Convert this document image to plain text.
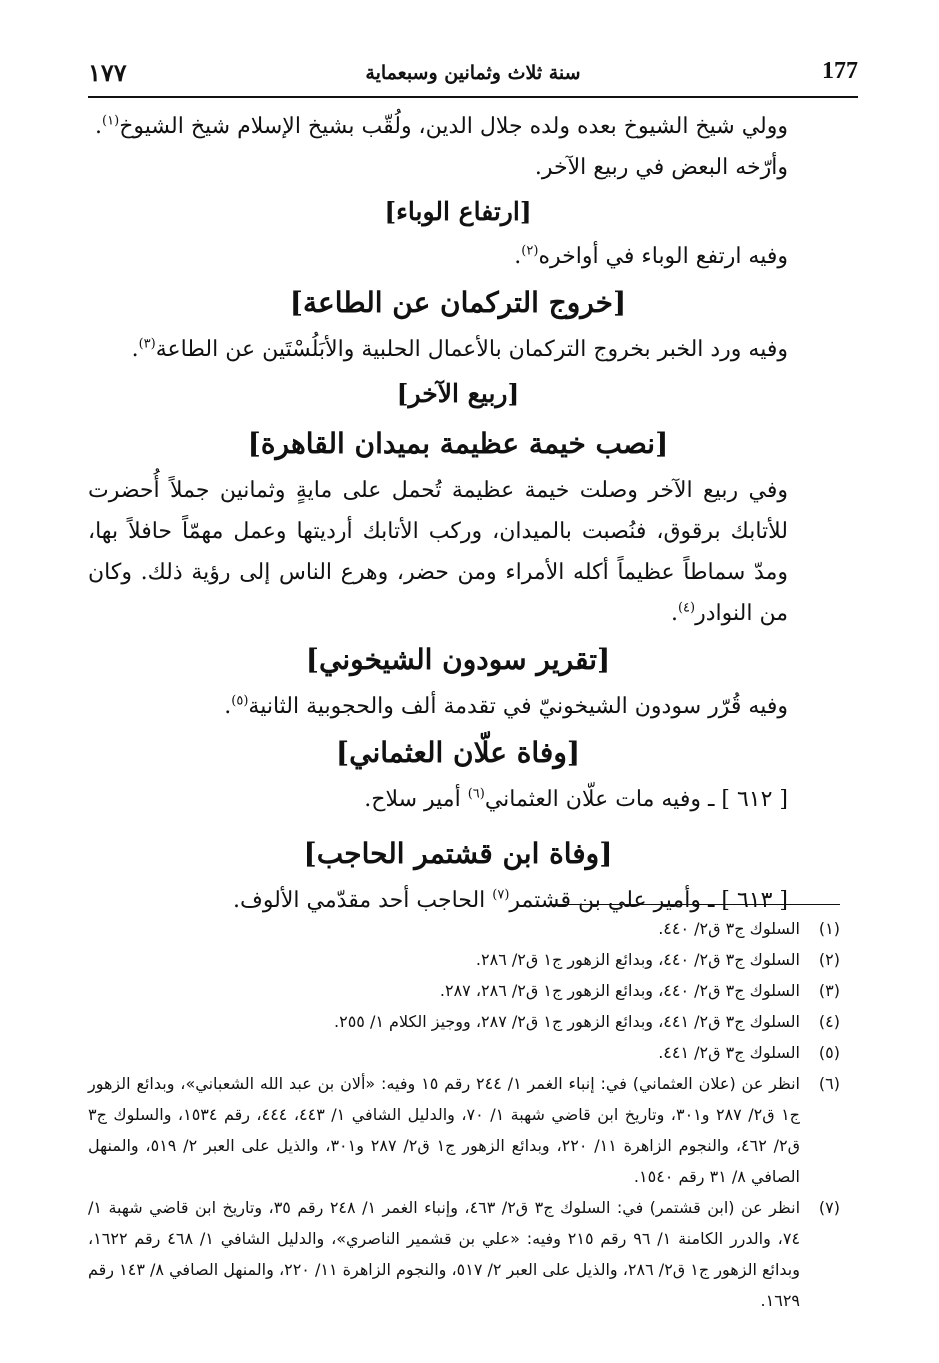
١٧٧	سنة ثلاث وثمانين وسبعماية	177

وولي شيخ الشيوخ بعده ولده جلال الدين، ولُقّب بشيخ الإسلام شيخ الشيوخ$^{(١)}$.

وأرّخه البعض في ربيع الآخر.

[ارتفاع الوباء]

وفيه ارتفع الوباء في أواخره$^{(٢)}$.

[خروج التركمان عن الطاعة]

وفيه ورد الخبر بخروج التركمان بالأعمال الحلبية والأبَلُسْتَين عن الطاعة$^{(٣)}$.

[ربيع الآخر]
[نصب خيمة عظيمة بميدان القاهرة]

وفي ربيع الآخر وصلت خيمة عظيمة تُحمل على مايةٍ وثمانين جملاً أُحضرت للأتابك برقوق، فنُصبت بالميدان، وركب الأتابك أرديتها وعمل مهمّاً حافلاً بها، ومدّ سماطاً عظيماً أكله الأمراء ومن حضر، وهرع الناس إلى رؤية ذلك. وكان من النوادر$^{(٤)}$.

[تقرير سودون الشيخوني]

وفيه قُرّر سودون الشيخونيّ في تقدمة ألف والحجوبية الثانية$^{(٥)}$.

[وفاة علّان العثماني]

[ ٦١٢ ] ـ وفيه مات علّان العثماني$^{(٦)}$ أمير سلاح.

[وفاة ابن قشتمر الحاجب]

[ ٦١٣ ] ـ وأمير علي بن قشتمر$^{(٧)}$ الحاجب أحد مقدّمي الألوف.

(١)
السلوك ج٣ ق٢/ ٤٤٠.
(٢)
السلوك ج٣ ق٢/ ٤٤٠، وبدائع الزهور ج١ ق٢/ ٢٨٦.
(٣)
السلوك ج٣ ق٢/ ٤٤٠، وبدائع الزهور ج١ ق٢/ ٢٨٦، ٢٨٧.
(٤)
السلوك ج٣ ق٢/ ٤٤١، وبدائع الزهور ج١ ق٢/ ٢٨٧، ووجيز الكلام ١/ ٢٥٥.
(٥)
السلوك ج٣ ق٢/ ٤٤١.
(٦)
انظر عن (علان العثماني) في: إنباء الغمر ١/ ٢٤٤ رقم ١٥ وفيه: «ألان بن عبد الله الشعباني»، وبدائع الزهور ج١ ق٢/ ٢٨٧ و٣٠١، وتاريخ ابن قاضي شهبة ١/ ٧٠، والدليل الشافي ١/ ٤٤٣، ٤٤٤، رقم ١٥٣٤، والسلوك ج٣ ق٢/ ٤٦٢، والنجوم الزاهرة ١١/ ٢٢٠، وبدائع الزهور ج١ ق٢/ ٢٨٧ و٣٠١، والذيل على العبر ٢/ ٥١٩، والمنهل الصافي ٨/ ٣١ رقم ١٥٤٠.
(٧)
انظر عن (ابن قشتمر) في: السلوك ج٣ ق٢/ ٤٦٣، وإنباء الغمر ١/ ٢٤٨ رقم ٣٥، وتاريخ ابن قاضي شهبة ١/ ٧٤، والدرر الكامنة ١/ ٩٦ رقم ٢١٥ وفيه: «علي بن قشمير الناصري»، والدليل الشافي ١/ ٤٦٨ رقم ١٦٢٢، وبدائع الزهور ج١ ق٢/ ٢٨٦، والذيل على العبر ٢/ ٥١٧، والنجوم الزاهرة ١١/ ٢٢٠، والمنهل الصافي ٨/ ١٤٣ رقم ١٦٢٩.
